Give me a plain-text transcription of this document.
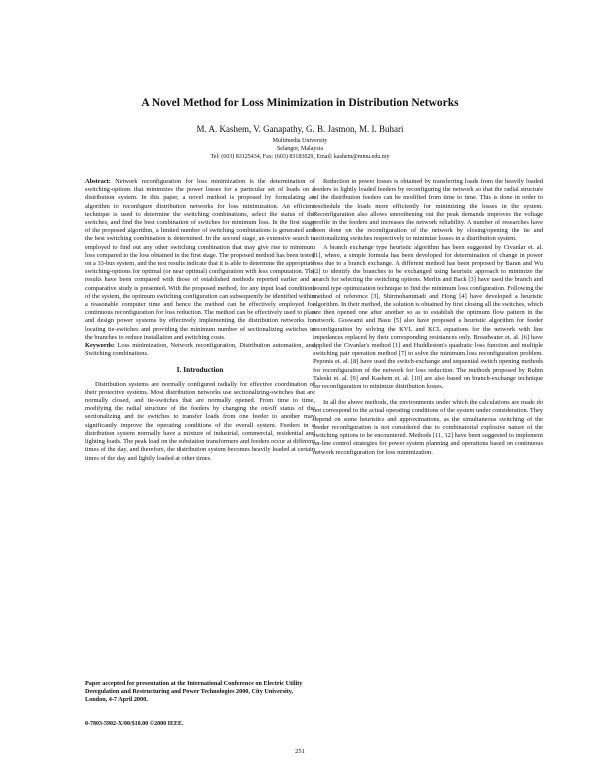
A Novel Method for Loss Minimization in Distribution Networks
M. A. Kashem, V. Ganapathy, G. B. Jasmon, M. I. Buhari
Multimedia University
Selangor, Malaysia
Tel: (603) 83125434, Fax: (603) 83183029, Email: kashem@mmu.edu.my

Abstract: Network reconfiguration for loss minimization is the determination of switching-options that minimizes the power losses for a particular set of loads on a distribution system. In this paper, a novel method is proposed by formulating an algorithm to reconfigure distribution networks for loss minimization. An efficient technique is used to determine the switching combinations, select the status of the switches, and find the best combination of switches for minimum loss. In the first stage of the proposed algorithm, a limited number of switching combinations is generated and the best switching combination is determined. In the second stage, an extensive search is employed to find out any other switching combination that may give rise to minimum loss compared to the loss obtained in the first stage. The proposed method has been tested on a 33-bus system, and the test results indicate that it is able to determine the appropriate switching-options for optimal (or near optimal) configuration with less computation. The results have been compared with those of established methods reported earlier and a comparative study is presented. With the proposed method, for any input load conditions of the system, the optimum switching configuration can subsequently be identified within a reasonable computer time and hence the method can be effectively employed for continuous reconfiguration for loss reduction. The method can be effectively used to plan and design power systems by effectively implementing the distribution networks for locating tie-switches and providing the minimum number of sectionalizing switches in the branches to reduce installation and switching costs.

Keywords: Loss minimization, Network reconfiguration, Distribution automation, and Switching combinations.

I. Introduction

Distribution systems are normally configured radially for effective coordination of their protective systems. Most distribution networks use sectionalizing-switches that are normally closed, and tie-switches that are normally opened. From time to time, modifying the radial structure of the feeders by changing the on/off status of the sectionalizing and tie switches to transfer loads from one feeder to another may significantly improve the operating conditions of the overall system. Feeders in a distribution system normally have a mixture of industrial, commercial, residential and lighting loads. The peak load on the substation transformers and feeders occur at different times of the day, and therefore, the distribution system becomes heavily loaded at certain times of the day and lightly loaded at other times.

Paper accepted for presentation at the International Conference on Electric Utility Deregulation and Restructuring and Power Technologies 2000, City University, London, 4-7 April 2000.
0-7803-5902-X/00/$10.00 ©2000 IEEE.

Reduction in power losses is obtained by transferring loads from the heavily loaded feeders to lightly loaded feeders by reconfiguring the network so that the radial structure of the distribution feeders can be modified from time to time. This is done in order to reschedule the loads more efficiently for minimizing the losses in the system. Reconfiguration also allows smoothening out the peak demands improves the voltage profile in the feeders and increases the network reliability. A number of researches have been done on the reconfiguration of the network by closing/opening the tie and sectionalizing switches respectively to minimize losses in a distribution system.

A branch exchange type heuristic algorithm has been suggested by Civanlar et. al. [1], where, a simple formula has been developed for determination of change in power loss due to a branch exchange. A different method has been proposed by Baran and Wu [2] to identify the branches to be exchanged using heuristic approach to minimize the search for selecting the switching options. Merlin and Back [3] have used the branch and bound type optimization technique to find the minimum loss configuration. Following the method of reference [3], Shirmohammadi and Hong [4] have developed a heuristic algorithm. In their method, the solution is obtained by first closing all the switches, which are then opened one after another so as to establish the optimum flow pattern in the network. Goswami and Basu [5] also have proposed a heuristic algorithm for feeder reconfiguration by solving the KVL and KCL equations for the network with line impedances replaced by their corresponding resistances only. Broadwater et. al. [6] have applied the Civanlar's method [1] and Huddleston's quadratic loss function and multiple switching pair operation method [7] to solve the minimum loss reconfiguration problem. Peponis et. al. [8] have used the switch-exchange and sequential switch opening methods for reconfiguration of the network for loss reduction. The methods proposed by Rubin Taleski et. al. [9] and Kashem et. al. [10] are also based on branch-exchange technique for reconfiguration to minimize distribution losses.

In all the above methods, the environments under which the calculations are made do not correspond to the actual operating conditions of the system under consideration. They depend on some heuristics and approximations, as the simultaneous switching of the feeder reconfiguration is not considered due to combinatorial explosive nature of the switching options to be encountered. Methods [11, 12] have been suggested to implement on-line control strategies for power system planning and operations based on continuous network reconfiguration for loss minimization.

251
